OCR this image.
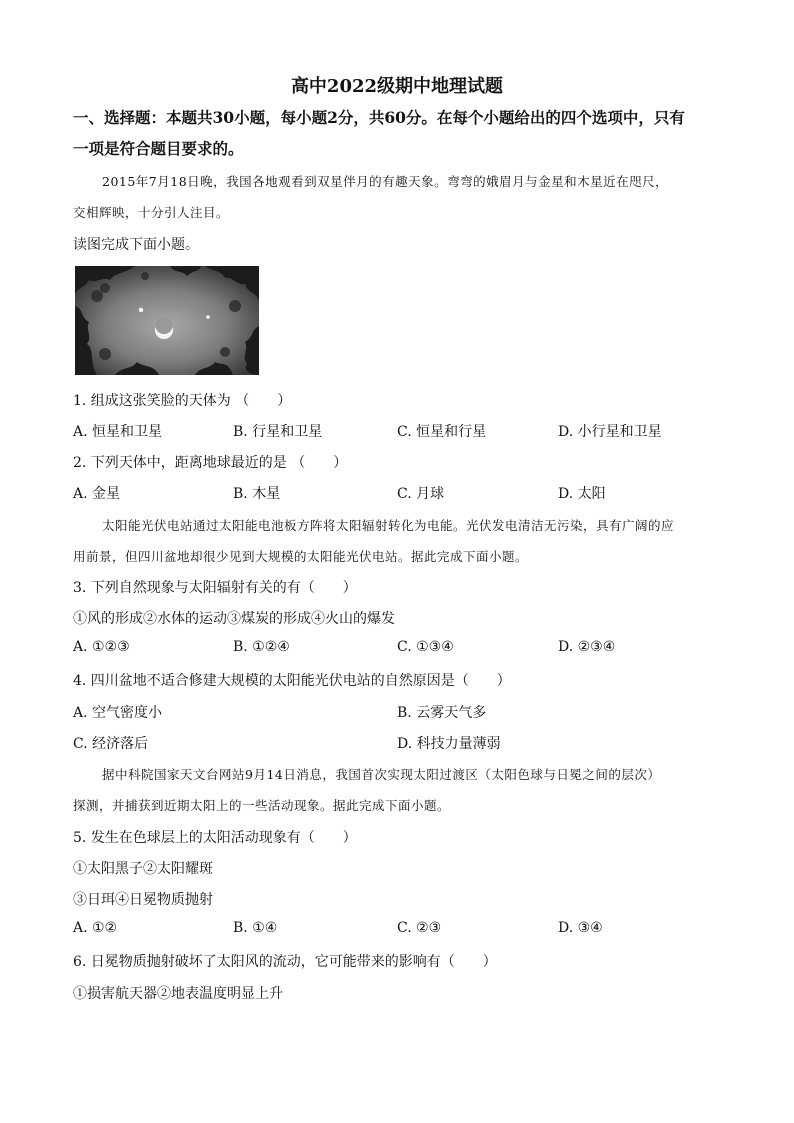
高中2022级期中地理试题
一、选择题：本题共30小题，每小题2分，共60分。在每个小题给出的四个选项中，只有
一项是符合题目要求的。
2015年7月18日晚，我国各地观看到双星伴月的有趣天象。弯弯的娥眉月与金星和木星近在咫尺，
交相辉映，十分引人注目。
读图完成下面小题。
1. 组成这张笑脸的天体为 （　　）
A. 恒星和卫星	B. 行星和卫星	C. 恒星和行星	D. 小行星和卫星
2. 下列天体中，距离地球最近的是 （　　）
A. 金星	B. 木星	C. 月球	D. 太阳
太阳能光伏电站通过太阳能电池板方阵将太阳辐射转化为电能。光伏发电清洁无污染，具有广阔的应
用前景，但四川盆地却很少见到大规模的太阳能光伏电站。据此完成下面小题。
3. 下列自然现象与太阳辐射有关的有（　　）
①风的形成②水体的运动③煤炭的形成④火山的爆发
A. ①②③	B. ①②④	C. ①③④	D. ②③④
4. 四川盆地不适合修建大规模的太阳能光伏电站的自然原因是（　　）
A. 空气密度小	B. 云雾天气多
C. 经济落后	D. 科技力量薄弱
据中科院国家天文台网站9月14日消息，我国首次实现太阳过渡区（太阳色球与日冕之间的层次）
探测，并捕获到近期太阳上的一些活动现象。据此完成下面小题。
5. 发生在色球层上的太阳活动现象有（　　）
①太阳黑子②太阳耀斑
③日珥④日冕物质抛射
A. ①②	B. ①④	C. ②③	D. ③④
6. 日冕物质抛射破坏了太阳风的流动，它可能带来的影响有（　　）
①损害航天器②地表温度明显上升
